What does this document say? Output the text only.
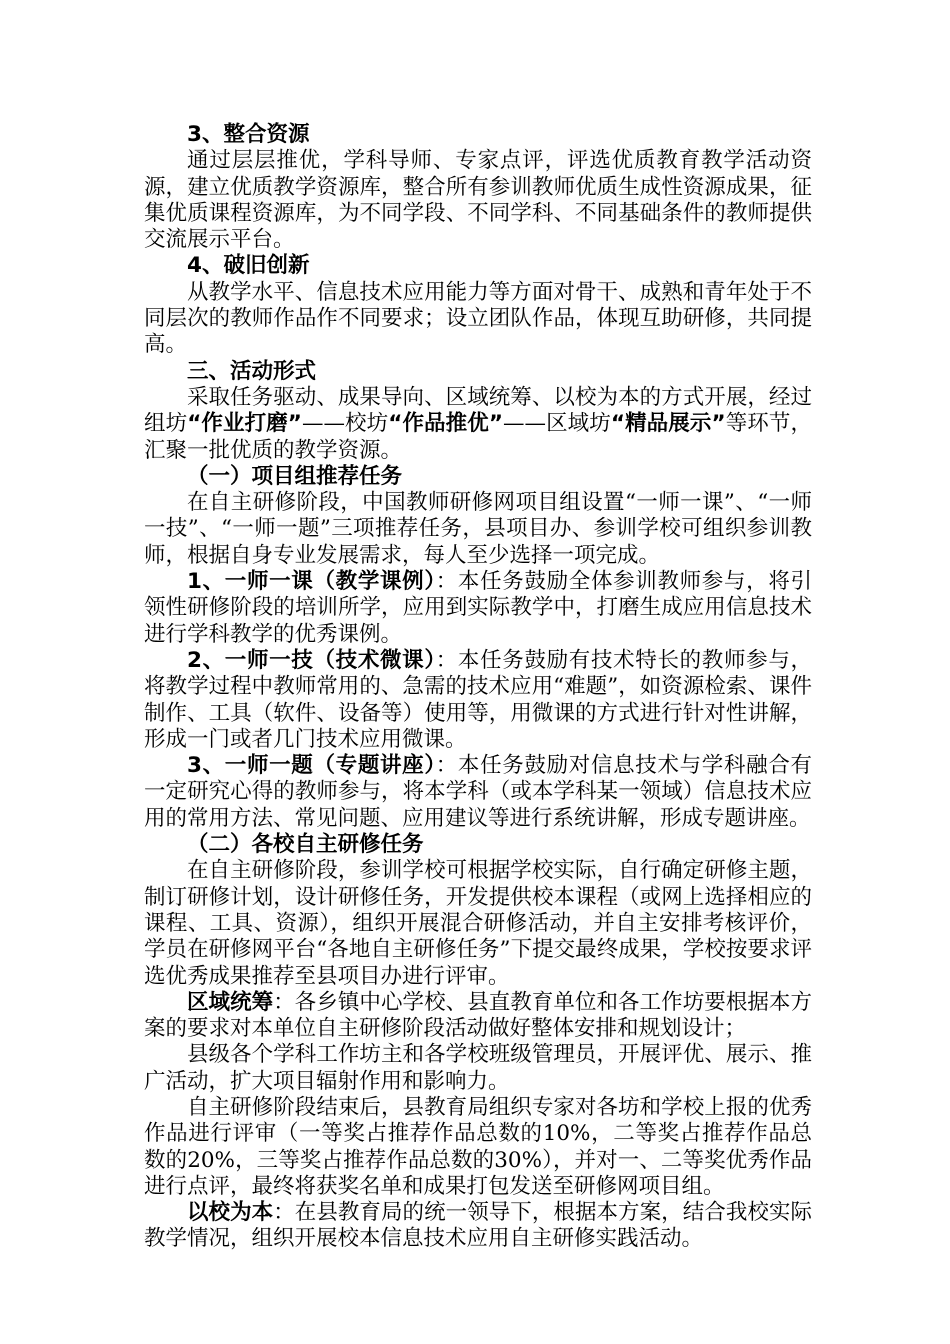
3、整合资源

通过层层推优，学科导师、专家点评，评选优质教育教学活动资源，建立优质教学资源库，整合所有参训教师优质生成性资源成果，征集优质课程资源库，为不同学段、不同学科、不同基础条件的教师提供交流展示平台。

4、破旧创新

从教学水平、信息技术应用能力等方面对骨干、成熟和青年处于不同层次的教师作品作不同要求；设立团队作品，体现互助研修，共同提高。

三、活动形式

采取任务驱动、成果导向、区域统筹、以校为本的方式开展，经过组坊“作业打磨”——校坊“作品推优”——区域坊“精品展示”等环节，汇聚一批优质的教学资源。

（一）项目组推荐任务

在自主研修阶段，中国教师研修网项目组设置“一师一课”、“一师一技”、“一师一题”三项推荐任务，县项目办、参训学校可组织参训教师，根据自身专业发展需求，每人至少选择一项完成。

1、一师一课（教学课例）：本任务鼓励全体参训教师参与，将引领性研修阶段的培训所学，应用到实际教学中，打磨生成应用信息技术进行学科教学的优秀课例。

2、一师一技（技术微课）：本任务鼓励有技术特长的教师参与，将教学过程中教师常用的、急需的技术应用“难题”，如资源检索、课件制作、工具（软件、设备等）使用等，用微课的方式进行针对性讲解，形成一门或者几门技术应用微课。

3、一师一题（专题讲座）：本任务鼓励对信息技术与学科融合有一定研究心得的教师参与，将本学科（或本学科某一领域）信息技术应用的常用方法、常见问题、应用建议等进行系统讲解，形成专题讲座。

（二）各校自主研修任务

在自主研修阶段，参训学校可根据学校实际，自行确定研修主题，制订研修计划，设计研修任务，开发提供校本课程（或网上选择相应的课程、工具、资源），组织开展混合研修活动，并自主安排考核评价，学员在研修网平台“各地自主研修任务”下提交最终成果，学校按要求评选优秀成果推荐至县项目办进行评审。

区域统筹：各乡镇中心学校、县直教育单位和各工作坊要根据本方案的要求对本单位自主研修阶段活动做好整体安排和规划设计；

县级各个学科工作坊主和各学校班级管理员，开展评优、展示、推广活动，扩大项目辐射作用和影响力。

自主研修阶段结束后，县教育局组织专家对各坊和学校上报的优秀作品进行评审（一等奖占推荐作品总数的10%，二等奖占推荐作品总数的20%，三等奖占推荐作品总数的30%），并对一、二等奖优秀作品进行点评，最终将获奖名单和成果打包发送至研修网项目组。

以校为本：在县教育局的统一领导下，根据本方案，结合我校实际教学情况，组织开展校本信息技术应用自主研修实践活动。
